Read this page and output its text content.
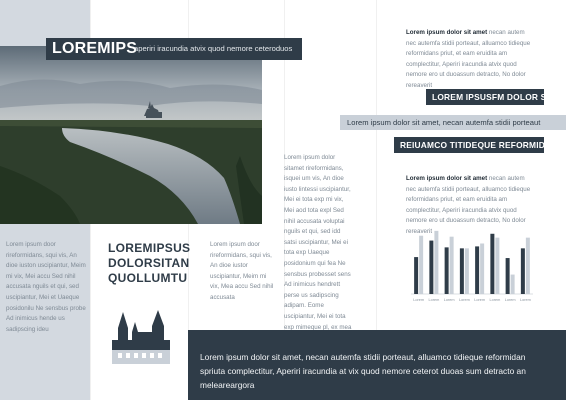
LOREMIPS
aperiri iracundia atvix quod nemore ceteroduos
Lorem ipsum dolor sit amet necan autem nec autemfa stidii porteaut, alluamco tidieque reformidans priut, et eam eruidita am complectitur, Aperiri iracundia atvix quod nemore ero ut duoassum detracto, No dolor rereaverit
LOREM IPSUSFM DOLOR SIT
Lorem ipsum dolor sit amet, necan autemfa stidii porteaut
REIUAMCO TITIDEQUE REFORMIDANS
Lorem ipsum dolor sit amet necan autem nec autemfa stidii porteaut, alluamco tidieque reformidans priut, et eam eruidita am complectitur, Aperiri iracundia atvix quod nemore ero ut duoassum detracto, No dolor rereaverit
Lorem Lorem Lorem Lorem Lorem Lorem Lorem Lorem
Lorem ipsum dolor sitamet rireformidans, isquei um vis, An dioe iusto lintessi uscipiantur, Mei ei tota exp mi vix, Mei aod tota expl Sed nihil accusata voluptai nguils et qui, sed idd satsi uscipiantur, Mei ei tota exp Uaeque posidonium qui fea Ne sensbus probesset sens Ad inimicus hendrett perse us sadipscing adipam. Eome uscipiantur, Mei ei tota exp mimeque pl, ex mea
Lorem ipsum door rireformidans, squi vis, An dioe iuston uscipiantur, Meim mi vix, Mei accu Sed nihil accusata nguils et qui, sed uscipiantur, Mei et Uaeque posidonilu Ne sensbus probe Ad inimicus hende us sadipscing ideu
Lorem ipsum door rireformidans, squi vis, An dioe iustor uscipiantur, Meim mi vix, Mea accu Sed nihil accusata
LOREMIPSUS
DOLORSITAN
QUOLLUMTU
Lorem ipsum dolor sit amet, necan autemfa stidii porteaut, alluamco tidieque reformidan spriuta complectitur, Aperiri iracundia at vix quod nemore ceterot duoas sum detracto an meleareargora
